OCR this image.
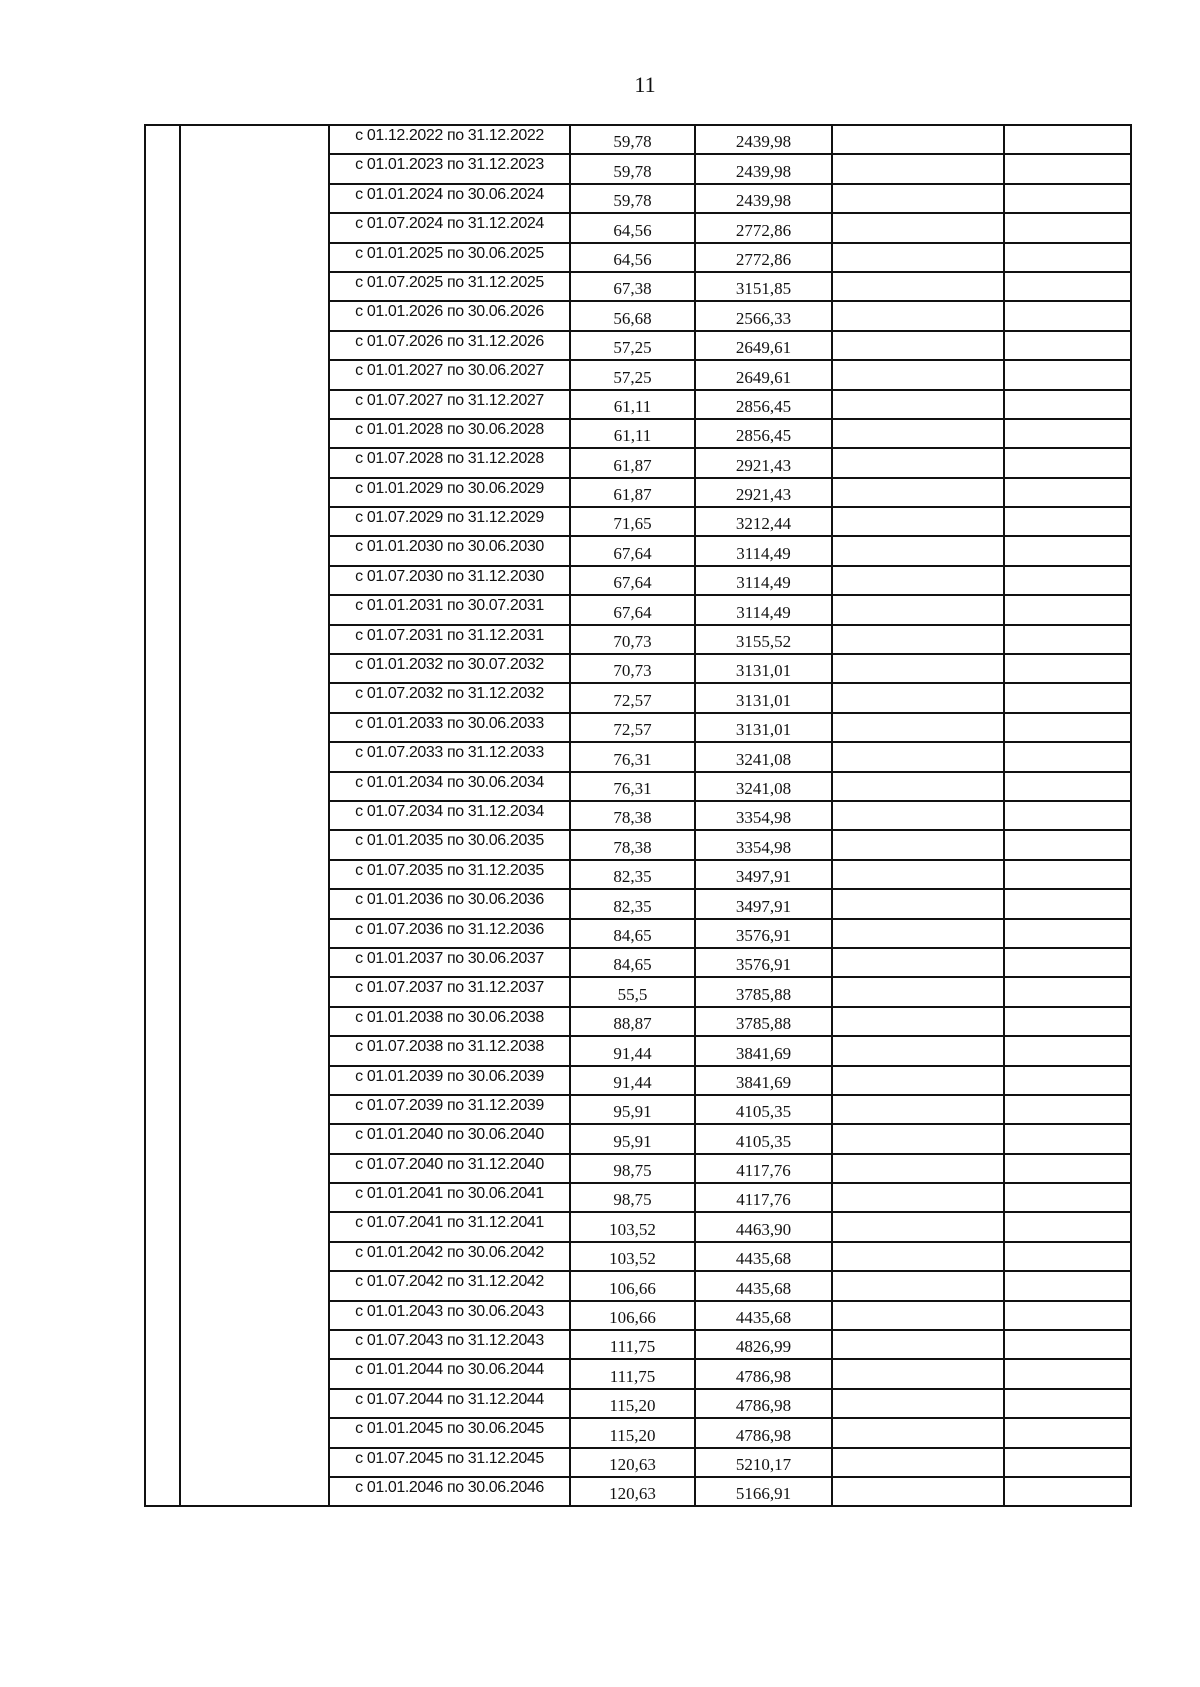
11
		с 01.12.2022 по 31.12.2022	59,78	2439,98		
		с 01.01.2023 по 31.12.2023	59,78	2439,98		
		с 01.01.2024 по 30.06.2024	59,78	2439,98		
		с 01.07.2024 по 31.12.2024	64,56	2772,86		
		с 01.01.2025 по 30.06.2025	64,56	2772,86		
		с 01.07.2025 по 31.12.2025	67,38	3151,85		
		с 01.01.2026 по 30.06.2026	56,68	2566,33		
		с 01.07.2026 по 31.12.2026	57,25	2649,61		
		с 01.01.2027 по 30.06.2027	57,25	2649,61		
		с 01.07.2027 по 31.12.2027	61,11	2856,45		
		с 01.01.2028 по 30.06.2028	61,11	2856,45		
		с 01.07.2028 по 31.12.2028	61,87	2921,43		
		с 01.01.2029 по 30.06.2029	61,87	2921,43		
		с 01.07.2029 по 31.12.2029	71,65	3212,44		
		с 01.01.2030 по 30.06.2030	67,64	3114,49		
		с 01.07.2030 по 31.12.2030	67,64	3114,49		
		с 01.01.2031 по 30.07.2031	67,64	3114,49		
		с 01.07.2031 по 31.12.2031	70,73	3155,52		
		с 01.01.2032 по 30.07.2032	70,73	3131,01		
		с 01.07.2032 по 31.12.2032	72,57	3131,01		
		с 01.01.2033 по 30.06.2033	72,57	3131,01		
		с 01.07.2033 по 31.12.2033	76,31	3241,08		
		с 01.01.2034 по 30.06.2034	76,31	3241,08		
		с 01.07.2034 по 31.12.2034	78,38	3354,98		
		с 01.01.2035 по 30.06.2035	78,38	3354,98		
		с 01.07.2035 по 31.12.2035	82,35	3497,91		
		с 01.01.2036 по 30.06.2036	82,35	3497,91		
		с 01.07.2036 по 31.12.2036	84,65	3576,91		
		с 01.01.2037 по 30.06.2037	84,65	3576,91		
		с 01.07.2037 по 31.12.2037	55,5	3785,88		
		с 01.01.2038 по 30.06.2038	88,87	3785,88		
		с 01.07.2038 по 31.12.2038	91,44	3841,69		
		с 01.01.2039 по 30.06.2039	91,44	3841,69		
		с 01.07.2039 по 31.12.2039	95,91	4105,35		
		с 01.01.2040 по 30.06.2040	95,91	4105,35		
		с 01.07.2040 по 31.12.2040	98,75	4117,76		
		с 01.01.2041 по 30.06.2041	98,75	4117,76		
		с 01.07.2041 по 31.12.2041	103,52	4463,90		
		с 01.01.2042 по 30.06.2042	103,52	4435,68		
		с 01.07.2042 по 31.12.2042	106,66	4435,68		
		с 01.01.2043 по 30.06.2043	106,66	4435,68		
		с 01.07.2043 по 31.12.2043	111,75	4826,99		
		с 01.01.2044 по 30.06.2044	111,75	4786,98		
		с 01.07.2044 по 31.12.2044	115,20	4786,98		
		с 01.01.2045 по 30.06.2045	115,20	4786,98		
		с 01.07.2045 по 31.12.2045	120,63	5210,17		
		с 01.01.2046 по 30.06.2046	120,63	5166,91		
